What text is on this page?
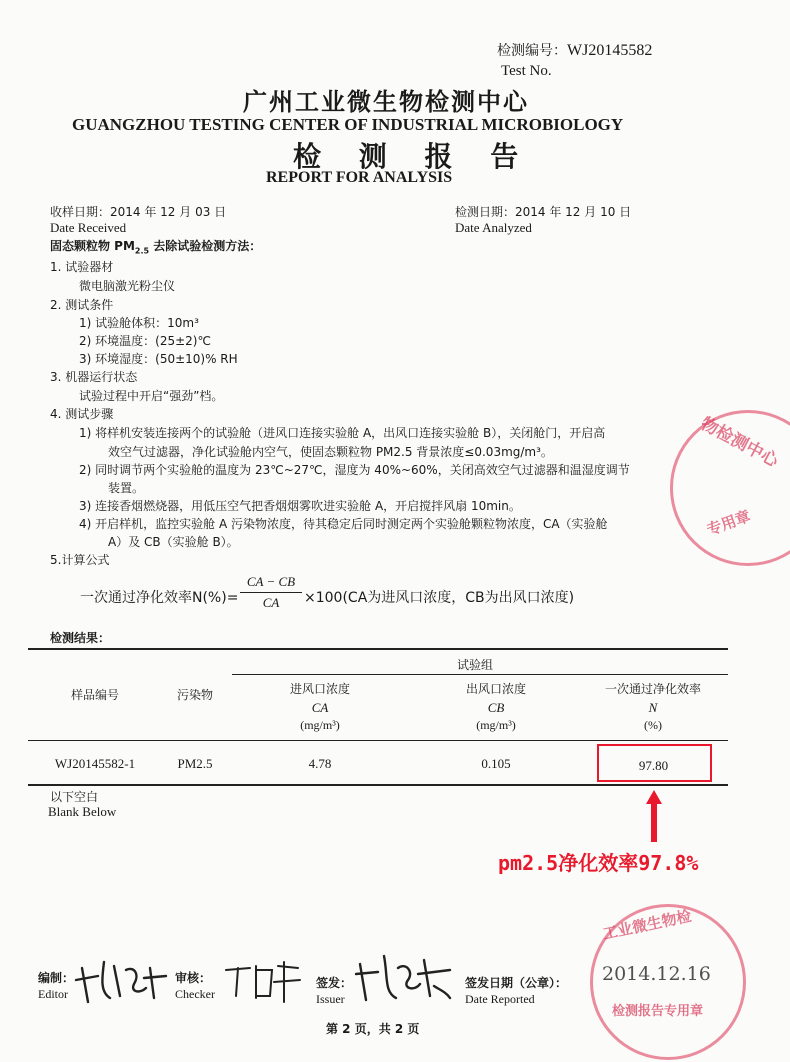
检测编号：WJ20145582
Test No.
广州工业微生物检测中心
GUANGZHOU TESTING CENTER OF INDUSTRIAL MICROBIOLOGY
检 测 报 告
REPORT FOR ANALYSIS
收样日期：2014 年 12 月 03 日
Date Received
检测日期：2014 年 12 月 10 日
Date Analyzed
固态颗粒物 $PM_{2.5}$ 去除试验检测方法：
1. 试验器材
微电脑激光粉尘仪
2. 测试条件
1) 试验舱体积：10m³
2) 环境温度：(25±2)℃
3) 环境湿度：(50±10)% RH
3. 机器运行状态
试验过程中开启“强劲”档。
4. 测试步骤
1) 将样机安装连接两个的试验舱（进风口连接实验舱 A，出风口连接实验舱 B），关闭舱门，开启高
效空气过滤器，净化试验舱内空气，使固态颗粒物 PM2.5 背景浓度≤0.03mg/m³。
2) 同时调节两个实验舱的温度为 23℃~27℃，湿度为 40%~60%，关闭高效空气过滤器和温湿度调节
装置。
3) 连接香烟燃烧器，用低压空气把香烟烟雾吹进实验舱 A，开启搅拌风扇 10min。
4) 开启样机，监控实验舱 A 污染物浓度，待其稳定后同时测定两个实验舱颗粒物浓度，CA（实验舱
A）及 CB（实验舱 B）。
5.计算公式
一次通过净化效率N(%)=
CA − CB
CA	×100(CA为进风口浓度，CB为出风口浓度)
检测结果：
试验组
样品编号	污染物	进风口浓度
CA
(mg/m³)
出风口浓度
CB
(mg/m³)
一次通过净化效率
N
(%)
WJ20145582-1	PM2.5	4.78	0.105	97.80
以下空白
Blank Below
pm2.5净化效率97.8%
编制：
Editor
审核：
Checker
签发：
Issuer
签发日期（公章）：
Date Reported
第 2 页，共 2 页
物检测中心
专用章
工业微生物检
2014.12.16
检测报告专用章
